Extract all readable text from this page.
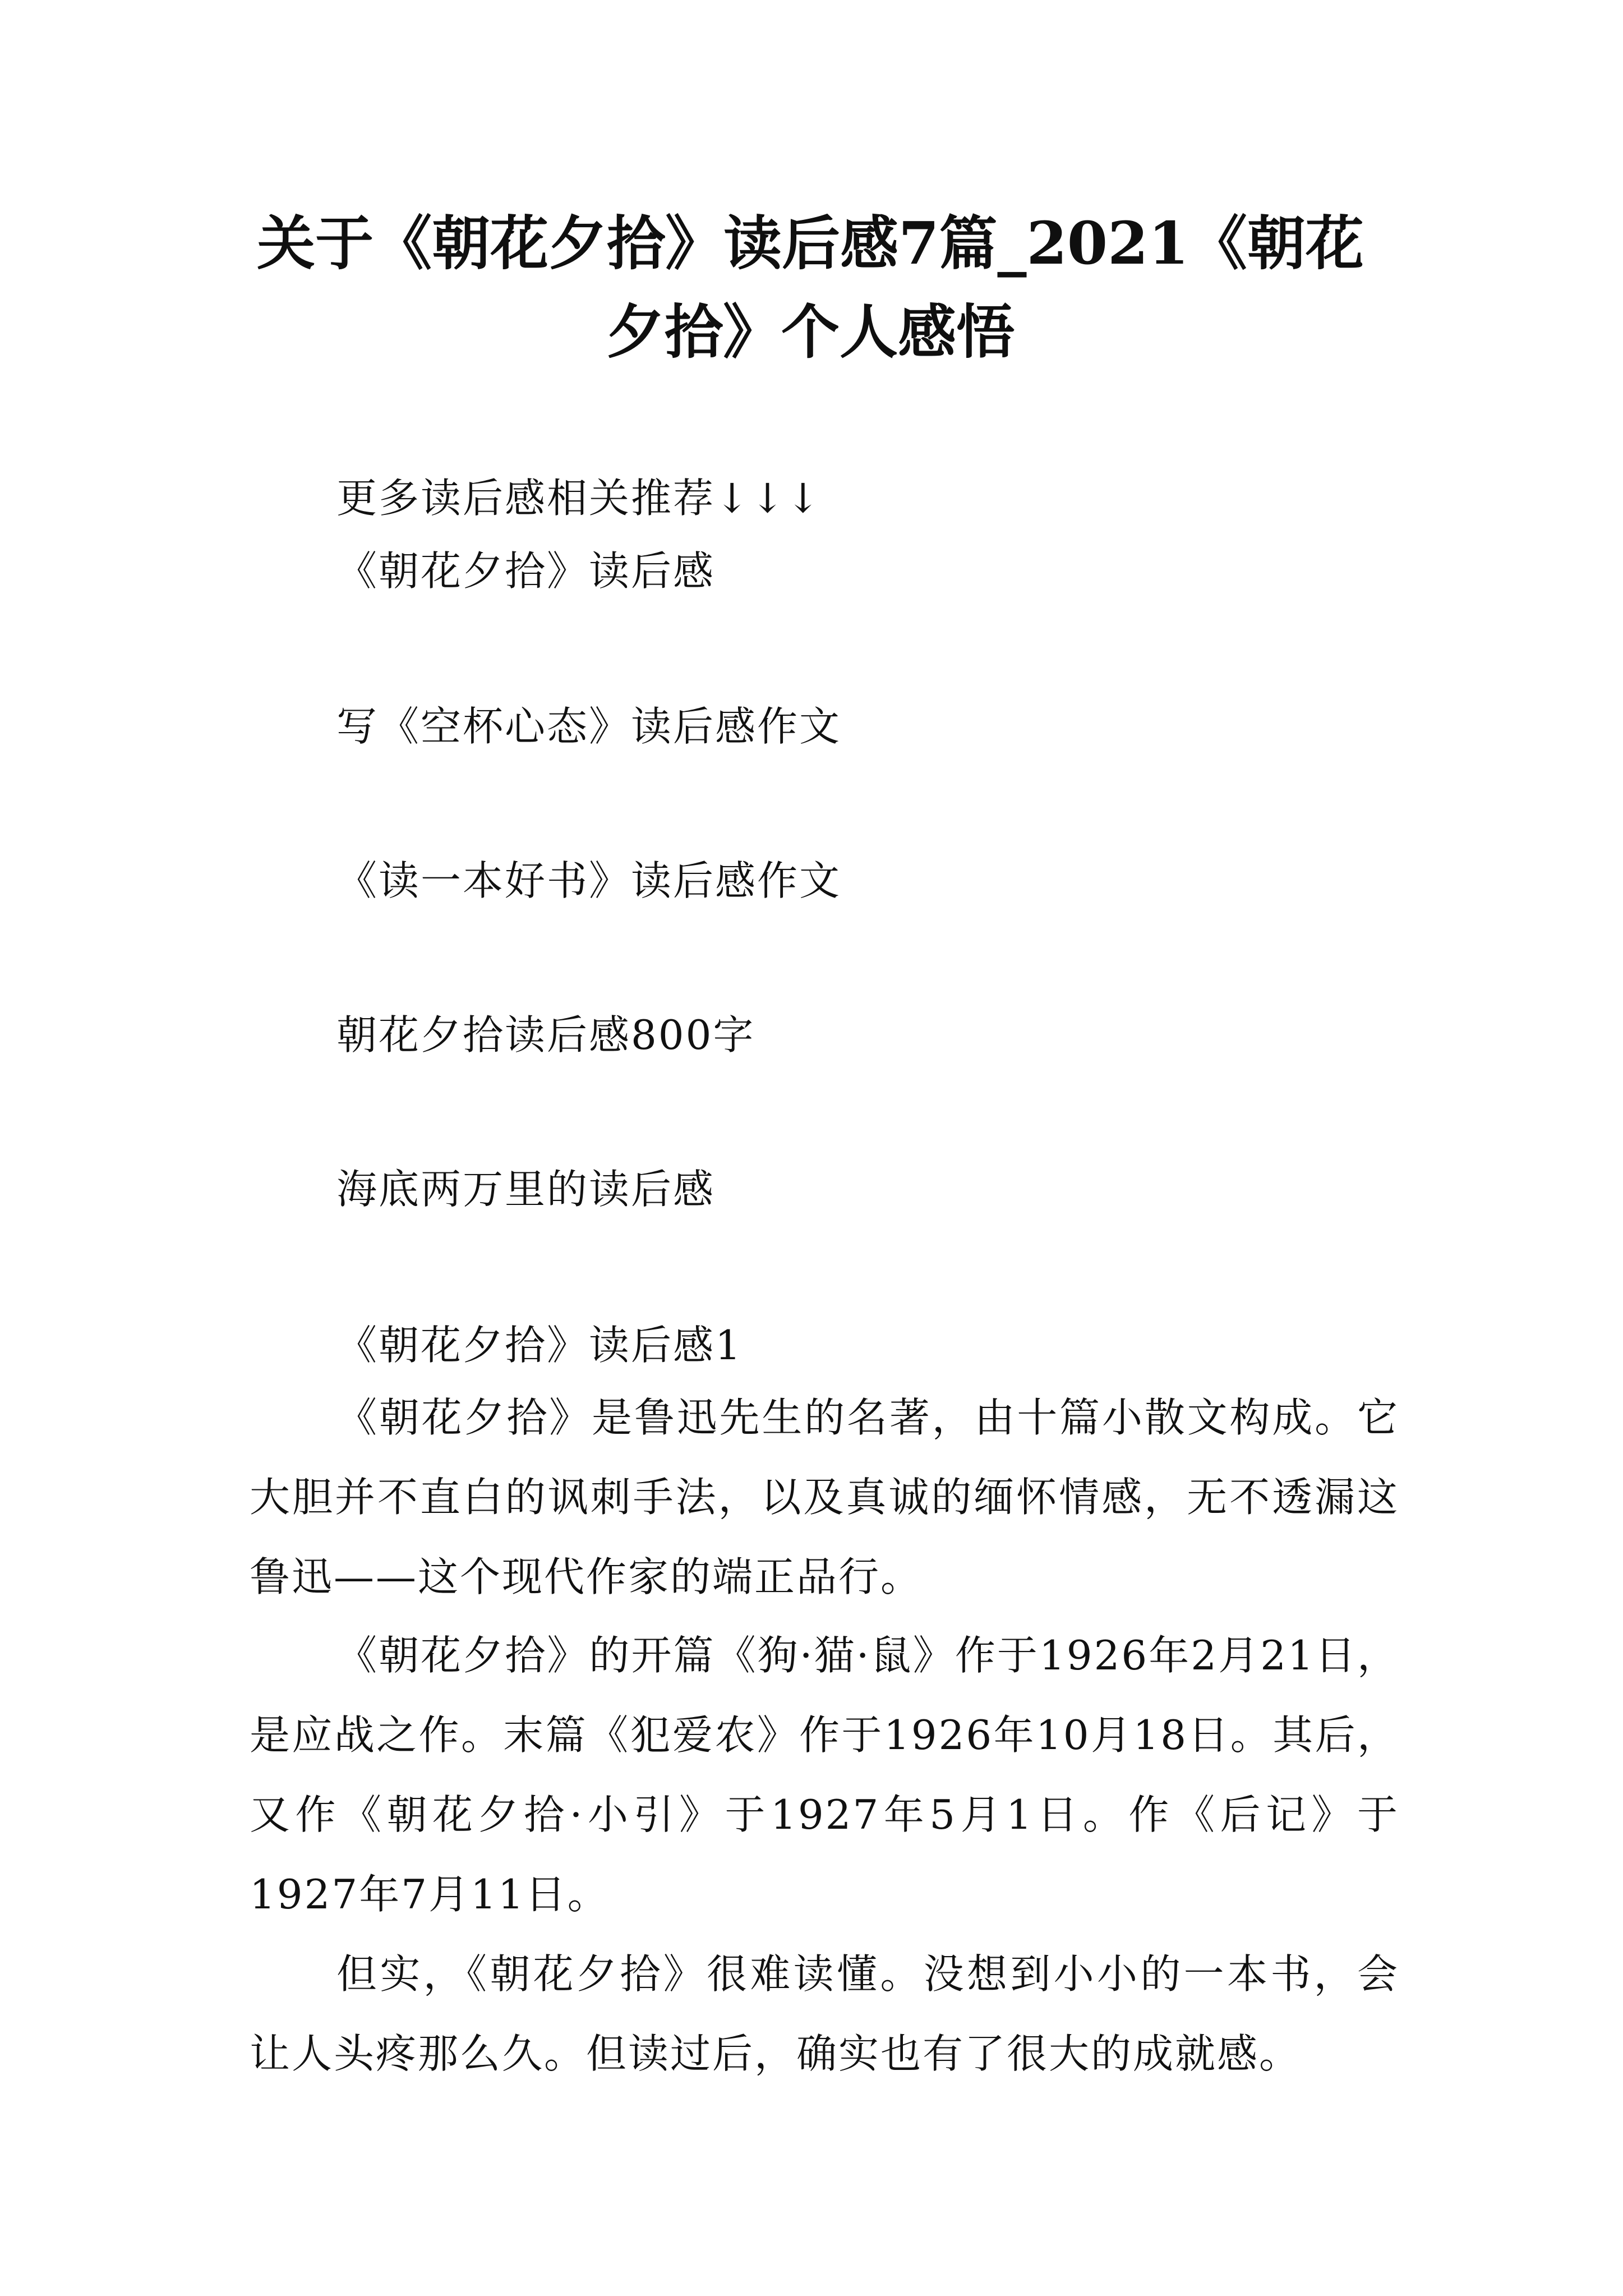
关于《朝花夕拾》读后感7篇_2021《朝花夕拾》个人感悟

更多读后感相关推荐↓↓↓

《朝花夕拾》读后感

写《空杯心态》读后感作文

《读一本好书》读后感作文

朝花夕拾读后感800字

海底两万里的读后感

《朝花夕拾》读后感1

《朝花夕拾》是鲁迅先生的名著，由十篇小散文构成。它大胆并不直白的讽刺手法，以及真诚的缅怀情感，无不透漏这鲁迅——这个现代作家的端正品行。

《朝花夕拾》的开篇《狗·猫·鼠》作于1926年2月21日，是应战之作。末篇《犯爱农》作于1926年10月18日。其后，又作《朝花夕拾·小引》于1927年5月1日。作《后记》于1927年7月11日。

但实，《朝花夕拾》很难读懂。没想到小小的一本书，会让人头疼那么久。但读过后，确实也有了很大的成就感。
